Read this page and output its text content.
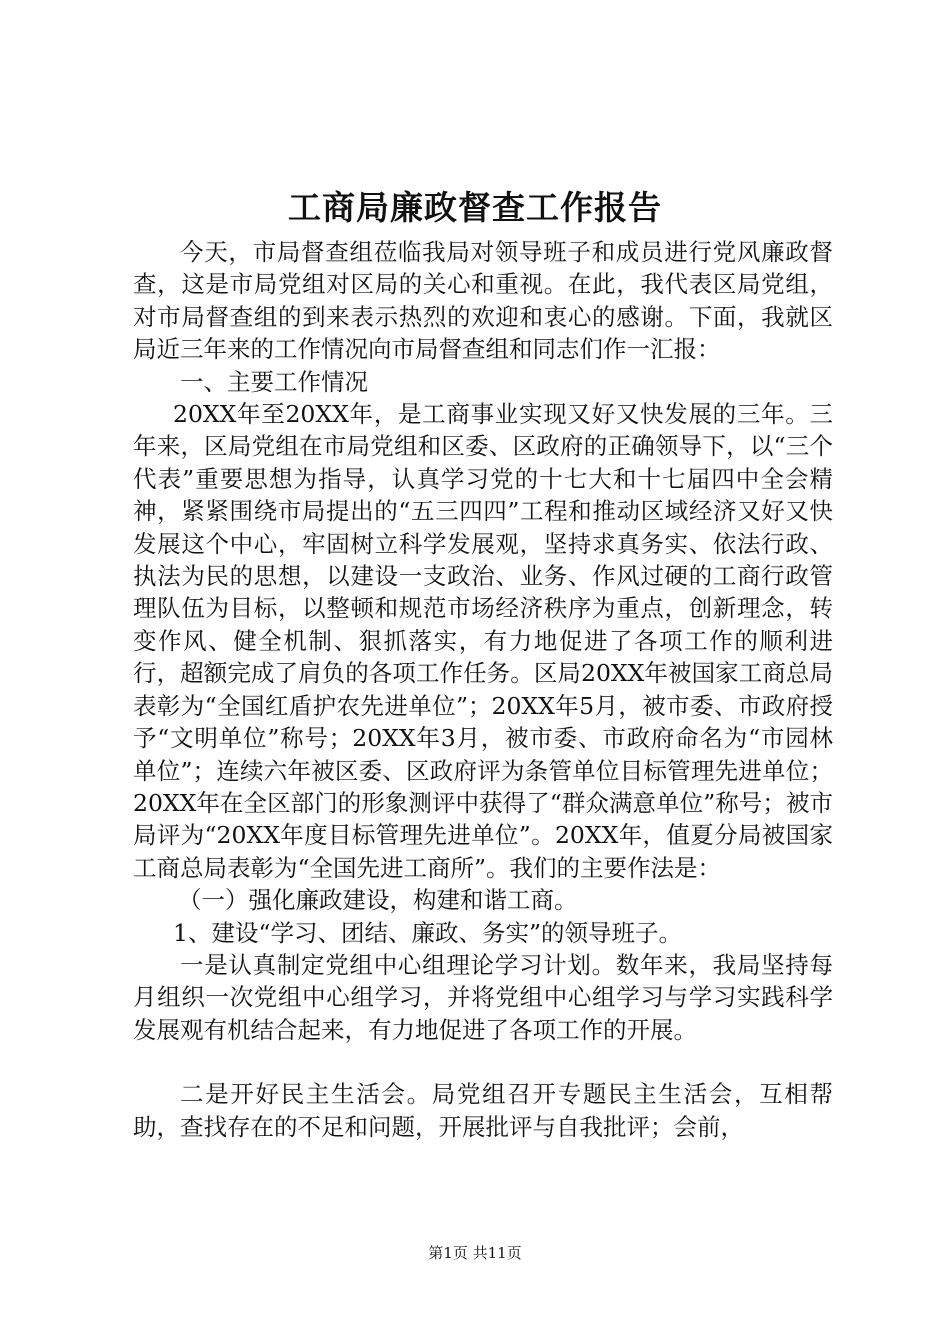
工商局廉政督查工作报告

今天，市局督查组莅临我局对领导班子和成员进行党风廉政督查，这是市局党组对区局的关心和重视。在此，我代表区局党组，对市局督查组的到来表示热烈的欢迎和衷心的感谢。下面，我就区局近三年来的工作情况向市局督查组和同志们作一汇报：

一、主要工作情况

20XX年至20XX年，是工商事业实现又好又快发展的三年。三年来，区局党组在市局党组和区委、区政府的正确领导下，以“三个代表”重要思想为指导，认真学习党的十七大和十七届四中全会精神，紧紧围绕市局提出的“五三四四”工程和推动区域经济又好又快发展这个中心，牢固树立科学发展观，坚持求真务实、依法行政、执法为民的思想，以建设一支政治、业务、作风过硬的工商行政管理队伍为目标，以整顿和规范市场经济秩序为重点，创新理念，转变作风、健全机制、狠抓落实，有力地促进了各项工作的顺利进行，超额完成了肩负的各项工作任务。区局20XX年被国家工商总局表彰为“全国红盾护农先进单位”；20XX年5月，被市委、市政府授予“文明单位”称号；20XX年3月，被市委、市政府命名为“市园林单位”；连续六年被区委、区政府评为条管单位目标管理先进单位；20XX年在全区部门的形象测评中获得了“群众满意单位”称号；被市局评为“20XX年度目标管理先进单位”。20XX年，值夏分局被国家工商总局表彰为“全国先进工商所”。我们的主要作法是：

（一）强化廉政建设，构建和谐工商。

1、建设“学习、团结、廉政、务实”的领导班子。

一是认真制定党组中心组理论学习计划。数年来，我局坚持每月组织一次党组中心组学习，并将党组中心组学习与学习实践科学发展观有机结合起来，有力地促进了各项工作的开展。

二是开好民主生活会。局党组召开专题民主生活会，互相帮助，查找存在的不足和问题，开展批评与自我批评；会前，

第1页 共11页
